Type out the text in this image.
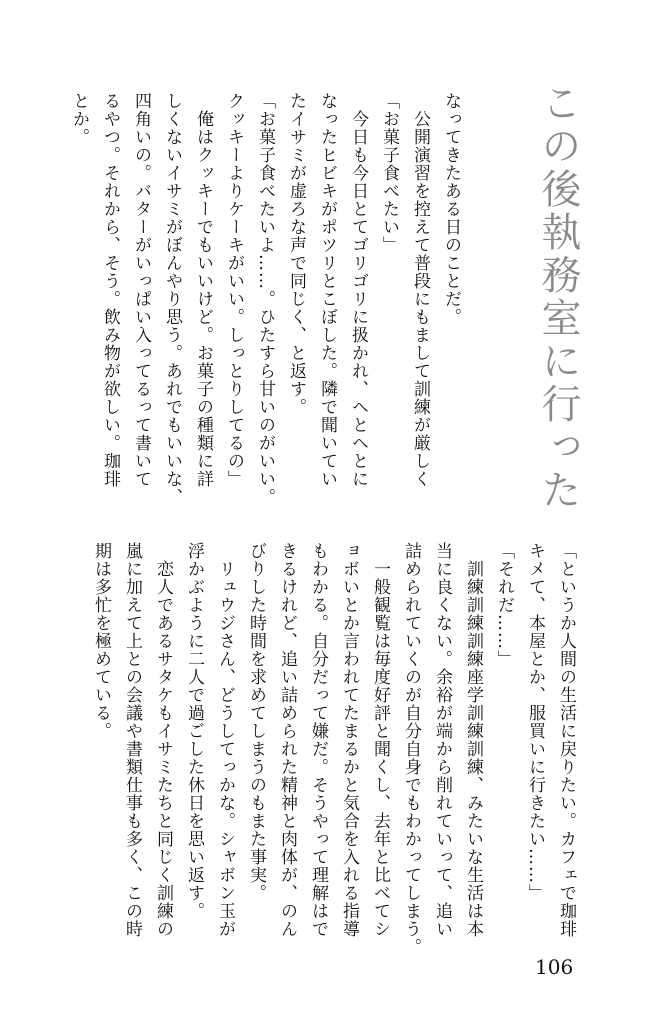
この後執務室に行った
なってきたある日のことだ。
　公開演習を控えて普段にもまして訓練が厳しく
「お菓子食べたい」
　今日も今日とてゴリゴリに扱かれ、へとへとに
なったヒビキがポツリとこぼした。隣で聞いてい
たイサミが虚ろな声で同じく、と返す。
「お菓子食べたいよ……。ひたすら甘いのがいい。
クッキーよりケーキがいい。しっとりしてるの」
　俺はクッキーでもいいけど。お菓子の種類に詳
しくないイサミがぼんやり思う。あれでもいいな、
四角いの。バターがいっぱい入ってるって書いて
るやつ。それから、そう。飲み物が欲しい。珈琲
とか。
「というか人間の生活に戻りたい。カフェで珈琲
キメて、本屋とか、服買いに行きたい……」
「それだ……」
　訓練訓練訓練座学訓練訓練、みたいな生活は本
当に良くない。余裕が端から削れていって、追い
詰められていくのが自分自身でもわかってしまう。
　一般観覧は毎度好評と聞くし、去年と比べてシ
ョボいとか言われてたまるかと気合を入れる指導
もわかる。自分だって嫌だ。そうやって理解はで
きるけれど、追い詰められた精神と肉体が、のん
びりした時間を求めてしまうのもまた事実。
　リュウジさん、どうしてっかな。シャボン玉が
浮かぶように二人で過ごした休日を思い返す。
　恋人であるサタケもイサミたちと同じく訓練の
嵐に加えて上との会議や書類仕事も多く、この時
期は多忙を極めている。
106
